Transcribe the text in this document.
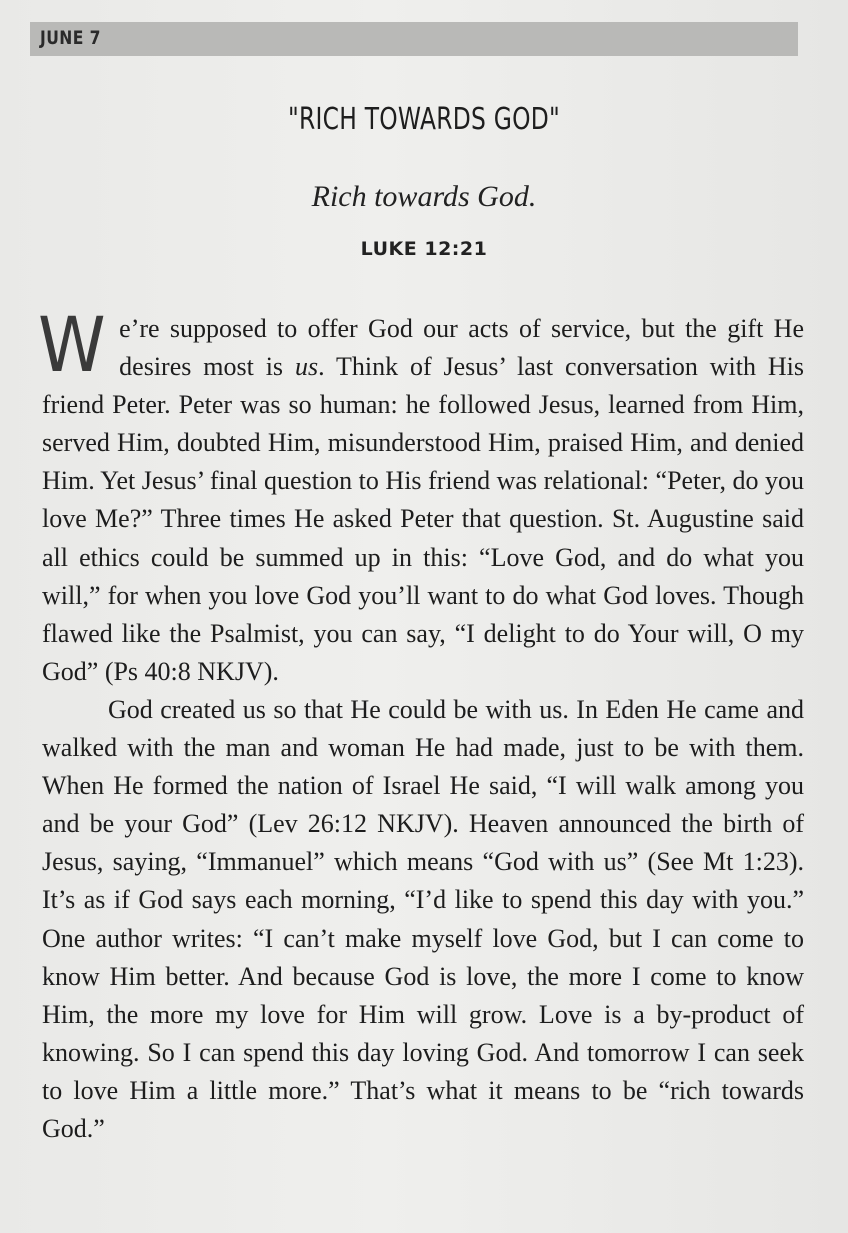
JUNE 7
"RICH TOWARDS GOD"
Rich towards God.
LUKE 12:21

We’re supposed to offer God our acts of service, but the gift He desires most is us. Think of Jesus’ last conversation with His friend Peter. Peter was so human: he followed Jesus, learned from Him, served Him, doubted Him, misunderstood Him, praised Him, and denied Him. Yet Jesus’ final question to His friend was relational: “Peter, do you love Me?” Three times He asked Peter that question. St. Augustine said all ethics could be summed up in this: “Love God, and do what you will,” for when you love God you’ll want to do what God loves. Though flawed like the Psalmist, you can say, “I delight to do Your will, O my God” (Ps 40:8 NKJV).

God created us so that He could be with us. In Eden He came and walked with the man and woman He had made, just to be with them. When He formed the nation of Israel He said, “I will walk among you and be your God” (Lev 26:12 NKJV). Heaven announced the birth of Jesus, saying, “Immanuel” which means “God with us” (See Mt 1:23). It’s as if God says each morning, “I’d like to spend this day with you.” One author writes: “I can’t make myself love God, but I can come to know Him better. And because God is love, the more I come to know Him, the more my love for Him will grow. Love is a by-product of knowing. So I can spend this day loving God. And tomorrow I can seek to love Him a little more.” That’s what it means to be “rich towards God.”
